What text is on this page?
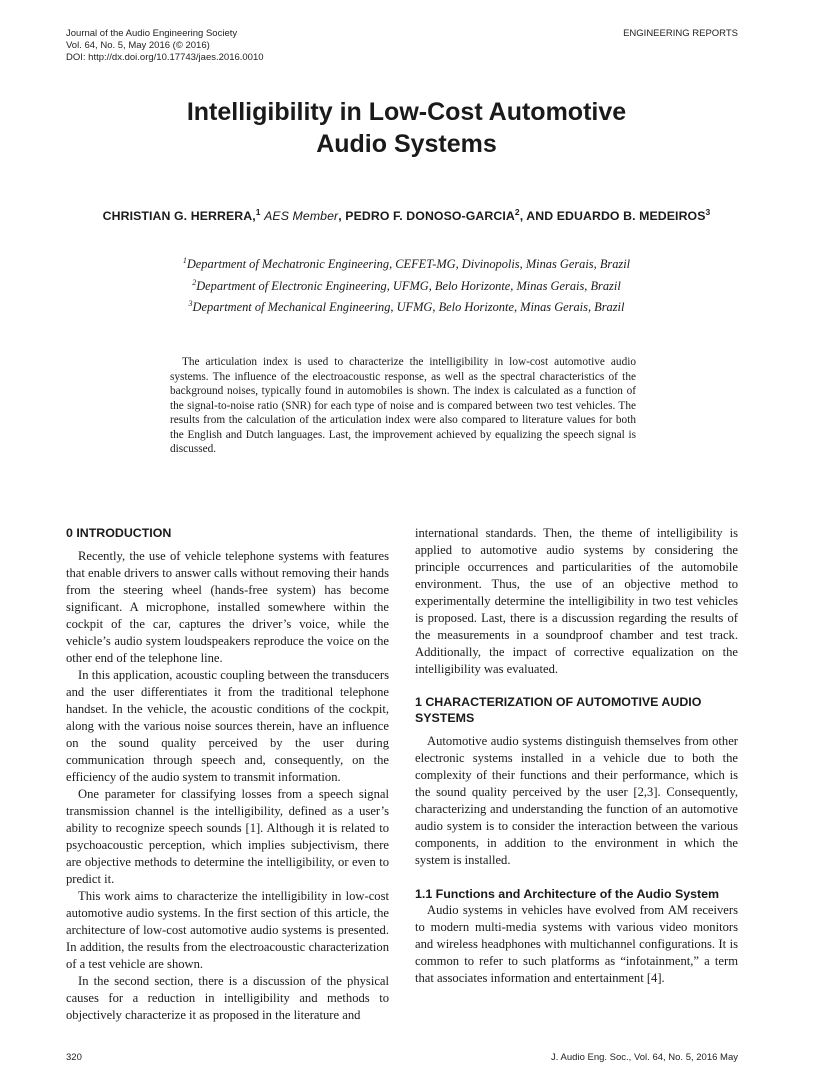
Journal of the Audio Engineering Society
Vol. 64, No. 5, May 2016 (© 2016)
DOI: http://dx.doi.org/10.17743/jaes.2016.0010
ENGINEERING REPORTS
Intelligibility in Low-Cost Automotive
Audio Systems
CHRISTIAN G. HERRERA,$^1$ AES Member, PEDRO F. DONOSO-GARCIA$^2$, AND EDUARDO B. MEDEIROS$^3$
$^1$Department of Mechatronic Engineering, CEFET-MG, Divinopolis, Minas Gerais, Brazil
$^2$Department of Electronic Engineering, UFMG, Belo Horizonte, Minas Gerais, Brazil
$^3$Department of Mechanical Engineering, UFMG, Belo Horizonte, Minas Gerais, Brazil
The articulation index is used to characterize the intelligibility in low-cost automotive audio systems. The influence of the electroacoustic response, as well as the spectral characteristics of the background noises, typically found in automobiles is shown. The index is calculated as a function of the signal-to-noise ratio (SNR) for each type of noise and is compared between two test vehicles. The results from the calculation of the articulation index were also compared to literature values for both the English and Dutch languages. Last, the improvement achieved by equalizing the speech signal is discussed.
0 INTRODUCTION

Recently, the use of vehicle telephone systems with features that enable drivers to answer calls without removing their hands from the steering wheel (hands-free system) has become significant. A microphone, installed somewhere within the cockpit of the car, captures the driver’s voice, while the vehicle’s audio system loudspeakers reproduce the voice on the other end of the telephone line.

In this application, acoustic coupling between the transducers and the user differentiates it from the traditional telephone handset. In the vehicle, the acoustic conditions of the cockpit, along with the various noise sources therein, have an influence on the sound quality perceived by the user during communication through speech and, consequently, on the efficiency of the audio system to transmit information.

One parameter for classifying losses from a speech signal transmission channel is the intelligibility, defined as a user’s ability to recognize speech sounds [1]. Although it is related to psychoacoustic perception, which implies subjectivism, there are objective methods to determine the intelligibility, or even to predict it.

This work aims to characterize the intelligibility in low-cost automotive audio systems. In the first section of this article, the architecture of low-cost automotive audio systems is presented. In addition, the results from the electroacoustic characterization of a test vehicle are shown.

In the second section, there is a discussion of the physical causes for a reduction in intelligibility and methods to objectively characterize it as proposed in the literature and

international standards. Then, the theme of intelligibility is applied to automotive audio systems by considering the principle occurrences and particularities of the automobile environment. Thus, the use of an objective method to experimentally determine the intelligibility in two test vehicles is proposed. Last, there is a discussion regarding the results of the measurements in a soundproof chamber and test track. Additionally, the impact of corrective equalization on the intelligibility was evaluated.

1 CHARACTERIZATION OF AUTOMOTIVE AUDIO SYSTEMS

Automotive audio systems distinguish themselves from other electronic systems installed in a vehicle due to both the complexity of their functions and their performance, which is the sound quality perceived by the user [2,3]. Consequently, characterizing and understanding the function of an automotive audio system is to consider the interaction between the various components, in addition to the environment in which the system is installed.

1.1 Functions and Architecture of the Audio System

Audio systems in vehicles have evolved from AM receivers to modern multi-media systems with various video monitors and wireless headphones with multichannel configurations. It is common to refer to such platforms as “infotainment,” a term that associates information and entertainment [4].

320	J. Audio Eng. Soc., Vol. 64, No. 5, 2016 May
